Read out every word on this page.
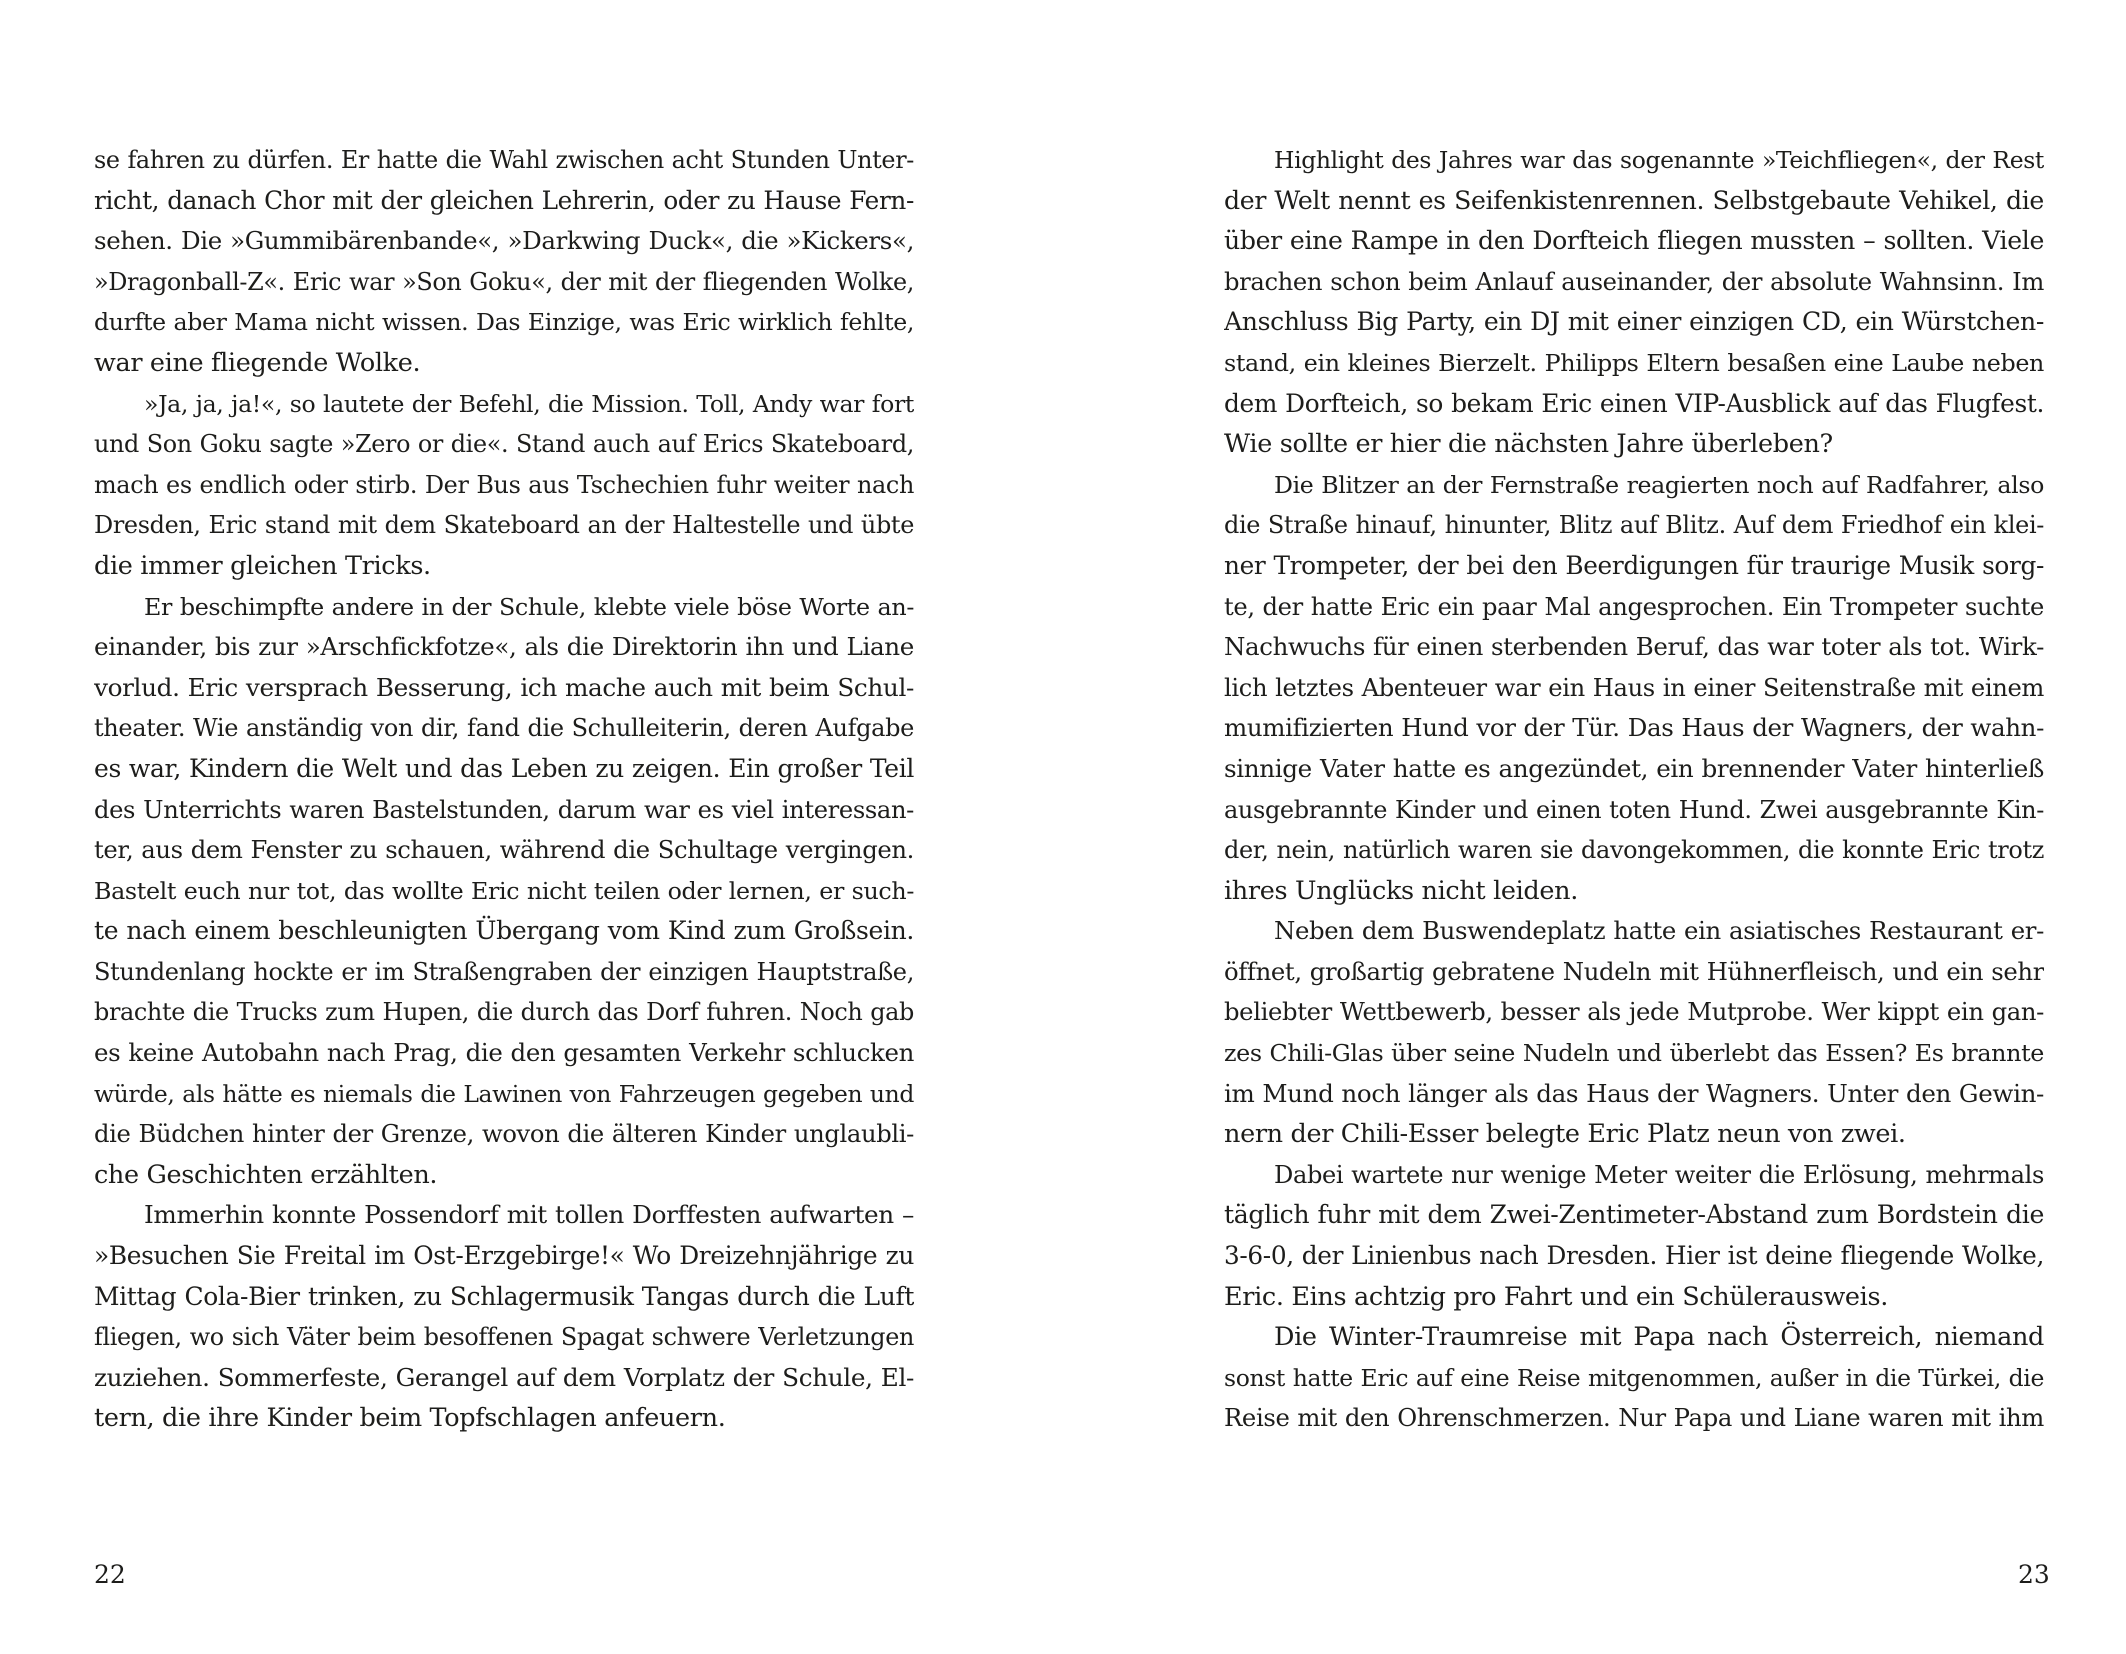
se fahren zu dürfen. Er hatte die Wahl zwischen acht Stunden Unter-
richt, danach Chor mit der gleichen Lehrerin, oder zu Hause Fern-
sehen. Die »Gummibärenbande«, »Darkwing Duck«, die »Kickers«,
»Dragonball-Z«. Eric war »Son Goku«, der mit der fliegenden Wolke,
durfte aber Mama nicht wissen. Das Einzige, was Eric wirklich fehlte,
war eine fliegende Wolke.

»Ja, ja, ja!«, so lautete der Befehl, die Mission. Toll, Andy war fort
und Son Goku sagte »Zero or die«. Stand auch auf Erics Skateboard,
mach es endlich oder stirb. Der Bus aus Tschechien fuhr weiter nach
Dresden, Eric stand mit dem Skateboard an der Haltestelle und übte
die immer gleichen Tricks.

Er beschimpfte andere in der Schule, klebte viele böse Worte an-
einander, bis zur »Arschfickfotze«, als die Direktorin ihn und Liane
vorlud. Eric versprach Besserung, ich mache auch mit beim Schul-
theater. Wie anständig von dir, fand die Schulleiterin, deren Aufgabe
es war, Kindern die Welt und das Leben zu zeigen. Ein großer Teil
des Unterrichts waren Bastelstunden, darum war es viel interessan-
ter, aus dem Fenster zu schauen, während die Schultage vergingen.
Bastelt euch nur tot, das wollte Eric nicht teilen oder lernen, er such-
te nach einem beschleunigten Übergang vom Kind zum Großsein.
Stundenlang hockte er im Straßengraben der einzigen Hauptstraße,
brachte die Trucks zum Hupen, die durch das Dorf fuhren. Noch gab
es keine Autobahn nach Prag, die den gesamten Verkehr schlucken
würde, als hätte es niemals die Lawinen von Fahrzeugen gegeben und
die Büdchen hinter der Grenze, wovon die älteren Kinder unglaubli-
che Geschichten erzählten.

Immerhin konnte Possendorf mit tollen Dorffesten aufwarten –
»Besuchen Sie Freital im Ost-Erzgebirge!« Wo Dreizehnjährige zu
Mittag Cola-Bier trinken, zu Schlagermusik Tangas durch die Luft
fliegen, wo sich Väter beim besoffenen Spagat schwere Verletzungen
zuziehen. Sommerfeste, Gerangel auf dem Vorplatz der Schule, El-
tern, die ihre Kinder beim Topfschlagen anfeuern.

22

Highlight des Jahres war das sogenannte »Teichfliegen«, der Rest
der Welt nennt es Seifenkistenrennen. Selbstgebaute Vehikel, die
über eine Rampe in den Dorfteich fliegen mussten – sollten. Viele
brachen schon beim Anlauf auseinander, der absolute Wahnsinn. Im
Anschluss Big Party, ein DJ mit einer einzigen CD, ein Würstchen-
stand, ein kleines Bierzelt. Philipps Eltern besaßen eine Laube neben
dem Dorfteich, so bekam Eric einen VIP-Ausblick auf das Flugfest.
Wie sollte er hier die nächsten Jahre überleben?

Die Blitzer an der Fernstraße reagierten noch auf Radfahrer, also
die Straße hinauf, hinunter, Blitz auf Blitz. Auf dem Friedhof ein klei-
ner Trompeter, der bei den Beerdigungen für traurige Musik sorg-
te, der hatte Eric ein paar Mal angesprochen. Ein Trompeter suchte
Nachwuchs für einen sterbenden Beruf, das war toter als tot. Wirk-
lich letztes Abenteuer war ein Haus in einer Seitenstraße mit einem
mumifizierten Hund vor der Tür. Das Haus der Wagners, der wahn-
sinnige Vater hatte es angezündet, ein brennender Vater hinterließ
ausgebrannte Kinder und einen toten Hund. Zwei ausgebrannte Kin-
der, nein, natürlich waren sie davongekommen, die konnte Eric trotz
ihres Unglücks nicht leiden.

Neben dem Buswendeplatz hatte ein asiatisches Restaurant er-
öffnet, großartig gebratene Nudeln mit Hühnerfleisch, und ein sehr
beliebter Wettbewerb, besser als jede Mutprobe. Wer kippt ein gan-
zes Chili-Glas über seine Nudeln und überlebt das Essen? Es brannte
im Mund noch länger als das Haus der Wagners. Unter den Gewin-
nern der Chili-Esser belegte Eric Platz neun von zwei.

Dabei wartete nur wenige Meter weiter die Erlösung, mehrmals
täglich fuhr mit dem Zwei-Zentimeter-Abstand zum Bordstein die
3-6-0, der Linienbus nach Dresden. Hier ist deine fliegende Wolke,
Eric. Eins achtzig pro Fahrt und ein Schülerausweis.

Die Winter-Traumreise mit Papa nach Österreich, niemand
sonst hatte Eric auf eine Reise mitgenommen, außer in die Türkei, die
Reise mit den Ohrenschmerzen. Nur Papa und Liane waren mit ihm

23
